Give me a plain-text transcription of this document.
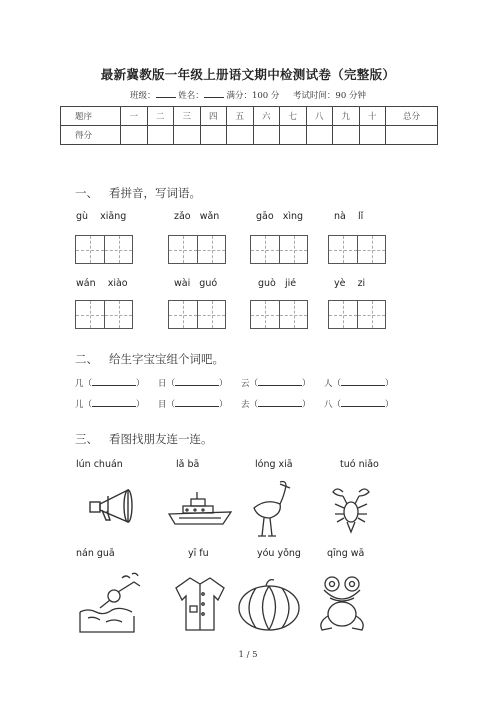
最新冀教版一年级上册语文期中检测试卷（完整版）
班级：	姓名：	满分：100 分 考试时间：90 分钟
题序	一	二	三	四	五	六	七	八	九	十	总分
得分											
一、 看拼音，写词语。
gù xiāng	zǎo wǎn	gāo xìng	nà lǐ
wán xiào	wài guó	guò jié	yè zi
二、 给生字宝宝组个词吧。
几（	） 日（	） 云（	） 人（	）
儿（	） 目（	） 去（	） 八（	）
三、 看图找朋友连一连。
lún chuán	lǎ bā	lóng xiā	tuó niǎo
nán guā	yī fu	yóu yǒng	qīng wā
1 / 5
